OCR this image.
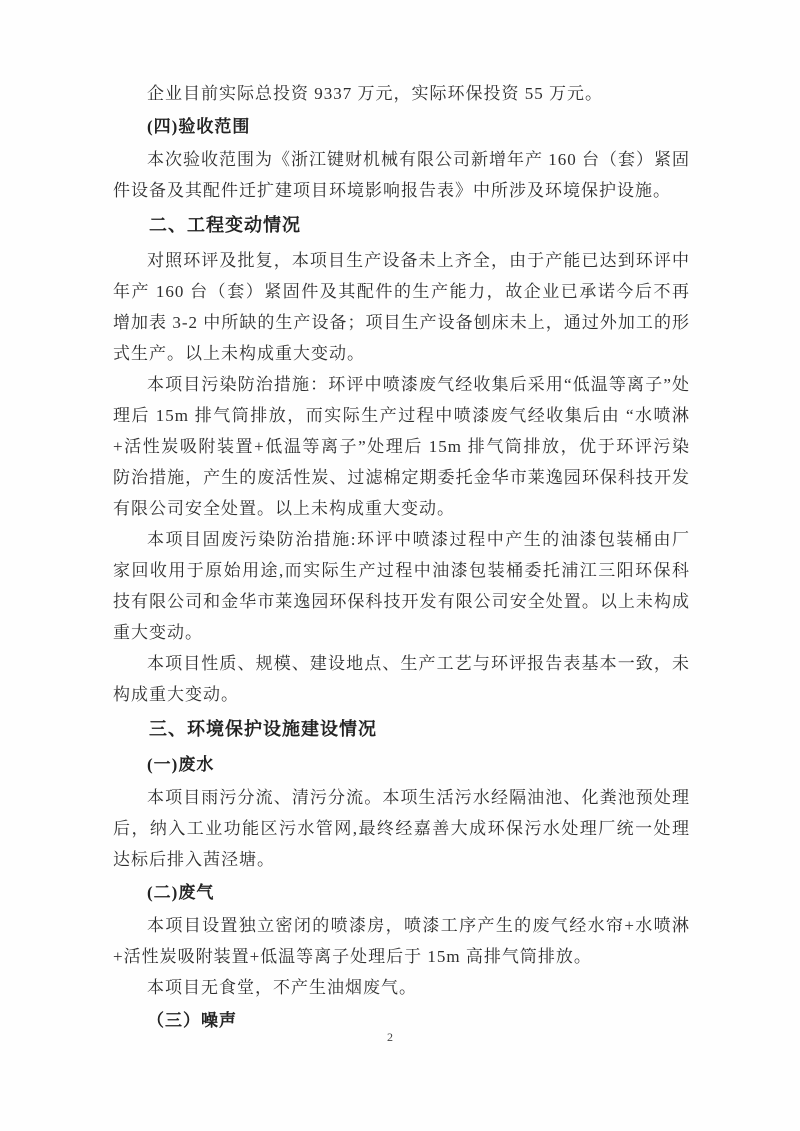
企业目前实际总投资 9337 万元，实际环保投资 55 万元。

(四)验收范围

本次验收范围为《浙江键财机械有限公司新增年产 160 台（套）紧固件设备及其配件迁扩建项目环境影响报告表》中所涉及环境保护设施。

二、工程变动情况

对照环评及批复，本项目生产设备未上齐全，由于产能已达到环评中年产 160 台（套）紧固件及其配件的生产能力，故企业已承诺今后不再增加表 3-2 中所缺的生产设备；项目生产设备刨床未上，通过外加工的形式生产。以上未构成重大变动。

本项目污染防治措施：环评中喷漆废气经收集后采用“低温等离子”处理后 15m 排气筒排放，而实际生产过程中喷漆废气经收集后由 “水喷淋+活性炭吸附装置+低温等离子”处理后 15m 排气筒排放，优于环评污染防治措施，产生的废活性炭、过滤棉定期委托金华市莱逸园环保科技开发有限公司安全处置。以上未构成重大变动。

本项目固废污染防治措施:环评中喷漆过程中产生的油漆包装桶由厂家回收用于原始用途,而实际生产过程中油漆包装桶委托浦江三阳环保科技有限公司和金华市莱逸园环保科技开发有限公司安全处置。以上未构成重大变动。

本项目性质、规模、建设地点、生产工艺与环评报告表基本一致，未构成重大变动。

三、环境保护设施建设情况

(一)废水

本项目雨污分流、清污分流。本项生活污水经隔油池、化粪池预处理后，纳入工业功能区污水管网,最终经嘉善大成环保污水处理厂统一处理达标后排入茜泾塘。

(二)废气

本项目设置独立密闭的喷漆房，喷漆工序产生的废气经水帘+水喷淋+活性炭吸附装置+低温等离子处理后于 15m 高排气筒排放。

本项目无食堂，不产生油烟废气。

（三）噪声

2
